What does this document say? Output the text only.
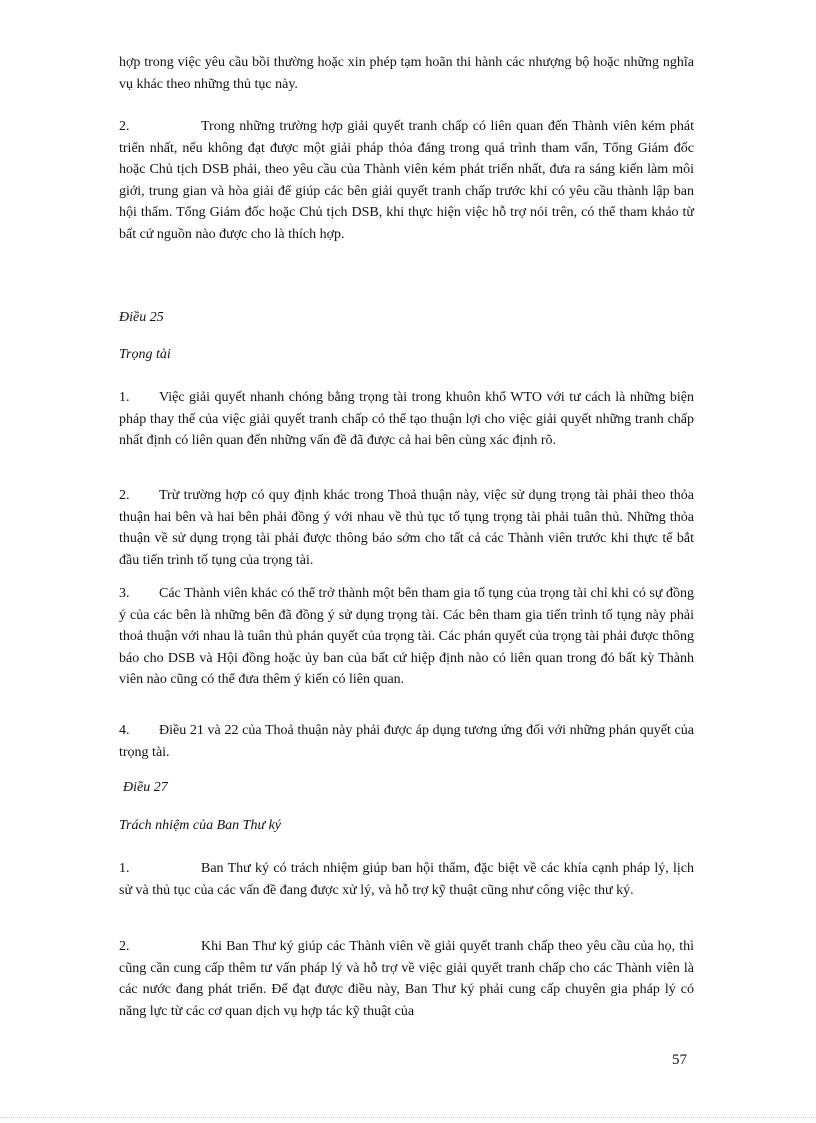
hợp trong việc yêu cầu bồi thường hoặc xin phép tạm hoãn thi hành các nhượng bộ hoặc những nghĩa vụ khác theo những thủ tục này.

2.	Trong những trường hợp giải quyết tranh chấp có liên quan đến Thành viên kém phát triển nhất, nếu không đạt được một giải pháp thỏa đáng trong quá trình tham vấn, Tổng Giám đốc hoặc Chủ tịch DSB phải, theo yêu cầu của Thành viên kém phát triển nhất, đưa ra sáng kiến làm môi giới, trung gian và hòa giải để giúp các bên giải quyết tranh chấp trước khi có yêu cầu thành lập ban hội thẩm. Tổng Giám đốc hoặc Chủ tịch DSB, khi thực hiện việc hỗ trợ nói trên, có thể tham khảo từ bất cứ nguồn nào được cho là thích hợp.

Điều 25

Trọng tài

1. Việc giải quyết nhanh chóng bằng trọng tài trong khuôn khổ WTO với tư cách là những biện pháp thay thế của việc giải quyết tranh chấp có thể tạo thuận lợi cho việc giải quyết những tranh chấp nhất định có liên quan đến những vấn đề đã được cả hai bên cùng xác định rõ.

2. Trừ trường hợp có quy định khác trong Thoả thuận này, việc sử dụng trọng tài phải theo thỏa thuận hai bên và hai bên phải đồng ý với nhau về thủ tục tố tụng trọng tài phải tuân thủ. Những thỏa thuận về sử dụng trọng tài phải được thông báo sớm cho tất cả các Thành viên trước khi thực tế bắt đầu tiến trình tố tụng của trọng tài.

3. Các Thành viên khác có thể trở thành một bên tham gia tố tụng của trọng tài chỉ khi có sự đồng ý của các bên là những bên đã đồng ý sử dụng trọng tài. Các bên tham gia tiến trình tố tụng này phải thoả thuận với nhau là tuân thủ phán quyết của trọng tài. Các phán quyết của trọng tài phải được thông báo cho DSB và Hội đồng hoặc ủy ban của bất cứ hiệp định nào có liên quan trong đó bất kỳ Thành viên nào cũng có thể đưa thêm ý kiến có liên quan.

4. Điều 21 và 22 của Thoả thuận này phải được áp dụng tương ứng đối với những phán quyết của trọng tài.

Điều 27

Trách nhiệm của Ban Thư ký

1.	Ban Thư ký có trách nhiệm giúp ban hội thẩm, đặc biệt về các khía cạnh pháp lý, lịch sử và thủ tục của các vấn đề đang được xử lý, và hỗ trợ kỹ thuật cũng như công việc thư ký.

2.	Khi Ban Thư ký giúp các Thành viên về giải quyết tranh chấp theo yêu cầu của họ, thì cũng cần cung cấp thêm tư vấn pháp lý và hỗ trợ về việc giải quyết tranh chấp cho các Thành viên là các nước đang phát triển. Để đạt được điều này, Ban Thư ký phải cung cấp chuyên gia pháp lý có năng lực từ các cơ quan dịch vụ hợp tác kỹ thuật của

57
